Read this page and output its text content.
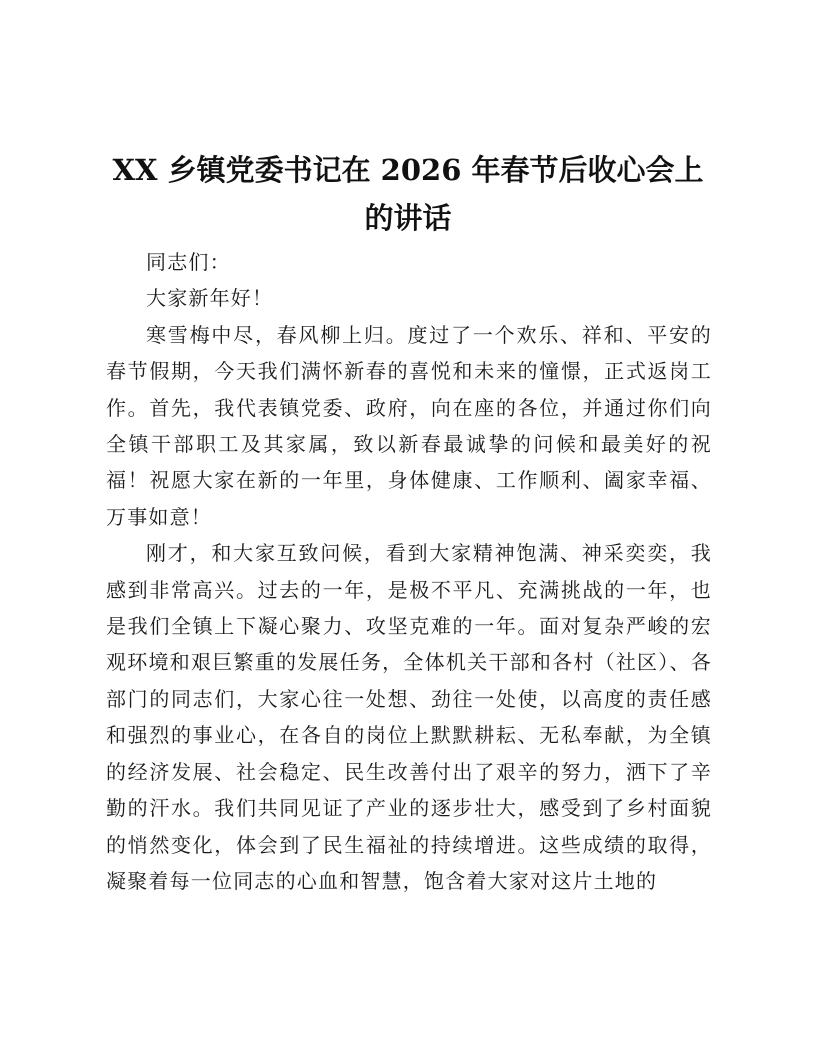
XX 乡镇党委书记在 2026 年春节后收心会上的讲话

同志们：

大家新年好！

寒雪梅中尽，春风柳上归。度过了一个欢乐、祥和、平安的春节假期，今天我们满怀新春的喜悦和未来的憧憬，正式返岗工作。首先，我代表镇党委、政府，向在座的各位，并通过你们向全镇干部职工及其家属，致以新春最诚挚的问候和最美好的祝福！祝愿大家在新的一年里，身体健康、工作顺利、阖家幸福、万事如意！

刚才，和大家互致问候，看到大家精神饱满、神采奕奕，我感到非常高兴。过去的一年，是极不平凡、充满挑战的一年，也是我们全镇上下凝心聚力、攻坚克难的一年。面对复杂严峻的宏观环境和艰巨繁重的发展任务，全体机关干部和各村（社区）、各部门的同志们，大家心往一处想、劲往一处使，以高度的责任感和强烈的事业心，在各自的岗位上默默耕耘、无私奉献，为全镇的经济发展、社会稳定、民生改善付出了艰辛的努力，洒下了辛勤的汗水。我们共同见证了产业的逐步壮大，感受到了乡村面貌的悄然变化，体会到了民生福祉的持续增进。这些成绩的取得，凝聚着每一位同志的心血和智慧，饱含着大家对这片土地的
